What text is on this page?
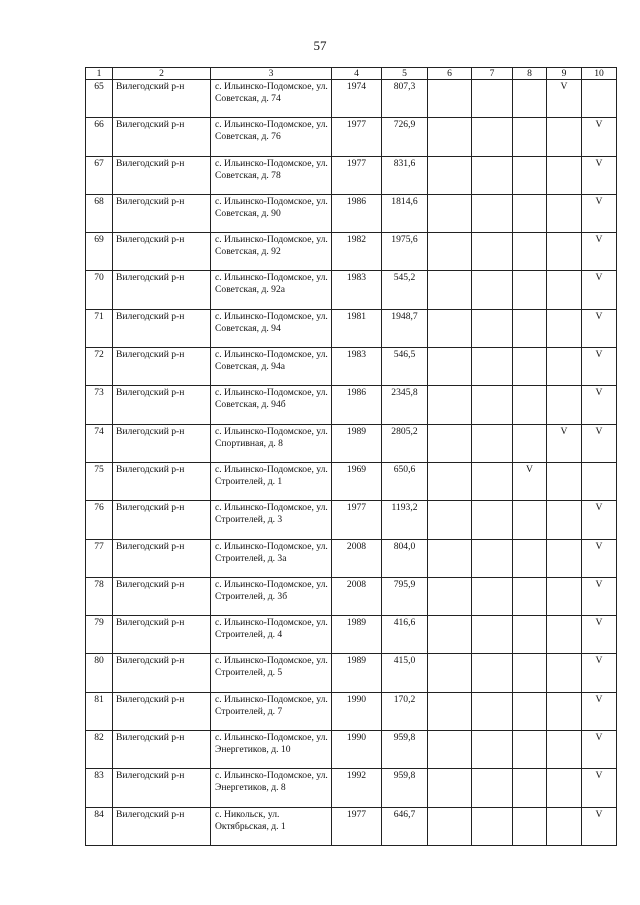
57
1	2	3	4	5	6	7	8	9	10
65	Вилегодский р-н	с. Ильинско-Подомское, ул. Советская, д. 74	1974	807,3				V	
66	Вилегодский р-н	с. Ильинско-Подомское, ул. Советская, д. 76	1977	726,9					V
67	Вилегодский р-н	с. Ильинско-Подомское, ул. Советская, д. 78	1977	831,6					V
68	Вилегодский р-н	с. Ильинско-Подомское, ул. Советская, д. 90	1986	1814,6					V
69	Вилегодский р-н	с. Ильинско-Подомское, ул. Советская, д. 92	1982	1975,6					V
70	Вилегодский р-н	с. Ильинско-Подомское, ул. Советская, д. 92а	1983	545,2					V
71	Вилегодский р-н	с. Ильинско-Подомское, ул. Советская, д. 94	1981	1948,7					V
72	Вилегодский р-н	с. Ильинско-Подомское, ул. Советская, д. 94а	1983	546,5					V
73	Вилегодский р-н	с. Ильинско-Подомское, ул. Советская, д. 94б	1986	2345,8					V
74	Вилегодский р-н	с. Ильинско-Подомское, ул. Спортивная, д. 8	1989	2805,2				V	V
75	Вилегодский р-н	с. Ильинско-Подомское, ул. Строителей, д. 1	1969	650,6			V		
76	Вилегодский р-н	с. Ильинско-Подомское, ул. Строителей, д. 3	1977	1193,2					V
77	Вилегодский р-н	с. Ильинско-Подомское, ул. Строителей, д. 3а	2008	804,0					V
78	Вилегодский р-н	с. Ильинско-Подомское, ул. Строителей, д. 3б	2008	795,9					V
79	Вилегодский р-н	с. Ильинско-Подомское, ул. Строителей, д. 4	1989	416,6					V
80	Вилегодский р-н	с. Ильинско-Подомское, ул. Строителей, д. 5	1989	415,0					V
81	Вилегодский р-н	с. Ильинско-Подомское, ул. Строителей, д. 7	1990	170,2					V
82	Вилегодский р-н	с. Ильинско-Подомское, ул. Энергетиков, д. 10	1990	959,8					V
83	Вилегодский р-н	с. Ильинско-Подомское, ул. Энергетиков, д. 8	1992	959,8					V
84	Вилегодский р-н	с. Никольск, ул. Октябрьская, д. 1	1977	646,7					V
